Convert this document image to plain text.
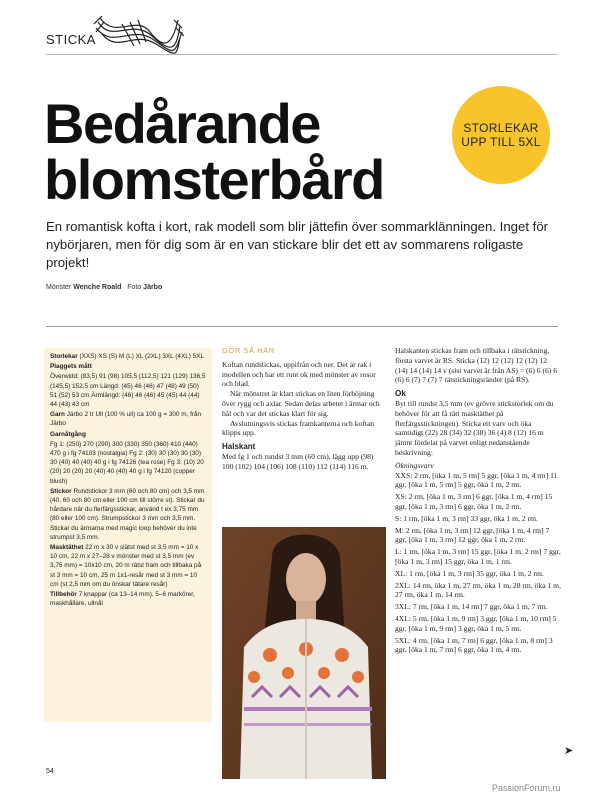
STICKA
Bedårande
blomsterbård
STORLEKAR
UPP TILL 5XL
En romantisk kofta i kort, rak modell som blir jättefin över sommarklänningen. Inget för nybörjaren, men för dig som är en van stickare blir det ett av sommarens roligaste projekt!
Mönster Wenche Roald Foto Järbo

Storlekar (XXS) XS (S) M (L) XL (2XL) 3XL (4XL) 5XL

Plaggets mått

Överwidd: (83,5) 91 (98) 105,5 (112,5) 121 (129) 136,5 (145,5) 152,5 cm Längd: (45) 46 (46) 47 (48) 49 (50) 51 (52) 53 cm Ärmlängd: (46) 46 (46) 45 (45) 44 (44) 44 (43) 43 cm

Garn Järbo 2 tr Ull (100 % ull) ca 100 g = 300 m, från Järbo

Garnåtgång

Fg 1: (250) 270 (290) 300 (330) 350 (360) 410 (440) 470 g i fg 74103 (nostalgia) Fg 2: (30) 30 (30) 30 (30) 30 (40) 40 (40) 40 g i fg 74126 (tea rose) Fg 3: (10) 20 (20) 20 (20) 20 (40) 40 (40) 40 g i fg 74120 (copper blush)

Stickor Rundstickor 3 mm (60 och 80 cm) och 3,5 mm (40, 60 och 80 cm eller 100 cm till större st). Stickar du hårdare när du flerfärgsstickar, använd t ex 3,75 mm (80 eller 100 cm). Strumpstickor 3 mm och 3,5 mm. Stickar du ärmarna med magic loop behöver du inte strumpst 3,5 mm.

Masktäthet 22 m x 30 v slätst med st 3,5 mm = 10 x 10 cm, 22 m x 27–28 v mönster med st 3,5 mm (ev 3,75 mm) = 10x10 cm, 20 m rätst fram och tillbaka på st 3 mm = 10 cm, 25 m 1x1-resår med st 3 mm = 10 cm (st 2,5 mm om du önskar tätare resår)

Tillbehör 7 knappar (ca 13–14 mm), 5–6 markörer, maskhållare, ullnål

GÖR SÅ HÄR

Koftan rundstickas, uppifrån och ner. Det är rak i modellen och har ett runt ok med mönster av rosor och blad.

När mönstret är klart stickas en liten förhöjning över rygg och axlar. Sedan delas arbetet i ärmar och bål och var det stickas klart för sig.

Avslutningsvis stickas framkanterna och koftan klipps upp.

Halskant

Med fg 1 och rundst 3 mm (60 cm), lägg upp (98) 100 (102) 104 (106) 108 (110) 112 (114) 116 m.

Halskanten stickas fram och tillbaka i rätstickning, första varvet är RS. Sticka (12) 12 (12) 12 (12) 12 (14) 14 (14) 14 v (sist varvet är från AS) = (6) 6 (6) 6 (6) 6 (7) 7 (7) 7 rätstickningsränder (på RS).

Ok

Byt till rundst 3,5 mm (ev grövre stickstorlek om du behöver för att få rätt masktäthet på flerfärgsstickningen). Sticka ett varv och öka samtidigt (22) 28 (34) 32 (38) 36 (4) 8 (12) 16 m jämnt fördelat på varvet enligt nedanstående beskrivning:

Ökningsvarv

XXS: 2 rm, [öka 1 m, 5 rm] 5 ggr, [öka 1 m, 4 rm] 11 ggr, [öka 1 m, 5 rm] 5 ggr, öka 1 m, 2 rm.

XS: 2 rm, [öka 1 m, 3 rm] 6 ggr, [öka 1 m, 4 rm] 15 ggr, [öka 1 m, 3 rm] 6 ggr, öka 1 m, 2 rm.

S: 1 rm, [öka 1 m, 3 rm] 33 ggr, öka 1 m, 2 rm.

M: 2 rm, [öka 1 m, 3 rm] 12 ggr, [öka 1 m, 4 rm] 7 ggr, [öka 1 m, 3 rm] 12 ggr, öka 1 m, 2 rm.

L: 1 rm, [öka 1 m, 3 rm] 15 ggr, [öka 1 m, 2 rm] 7 ggr, [öka 1 m, 3 rm] 15 ggr, öka 1 m, 1 rm.

XL: 1 rm, [öka 1 m, 3 rm] 35 ggr, öka 1 m, 2 rm.

2XL: 14 rm, öka 1 m, 27 rm, öka 1 m, 28 rm, öka 1 m, 27 rm, öka 1 m, 14 rm.

3XL: 7 rm, [öka 1 m, 14 rm] 7 ggr, öka 1 m, 7 rm.

4XL: 5 rm, [öka 1 m, 9 rm] 3 ggr, [öka 1 m, 10 rm] 5 ggr, [öka 1 m, 9 rm] 3 ggr, öka 1 m, 5 rm.

5XL: 4 rm, [öka 1 m, 7 rm] 6 ggr, [öka 1 m, 8 rm] 3 ggr, [öka 1 m, 7 rm] 6 ggr, öka 1 m, 4 rm.

➤
54
PassionForum.ru
